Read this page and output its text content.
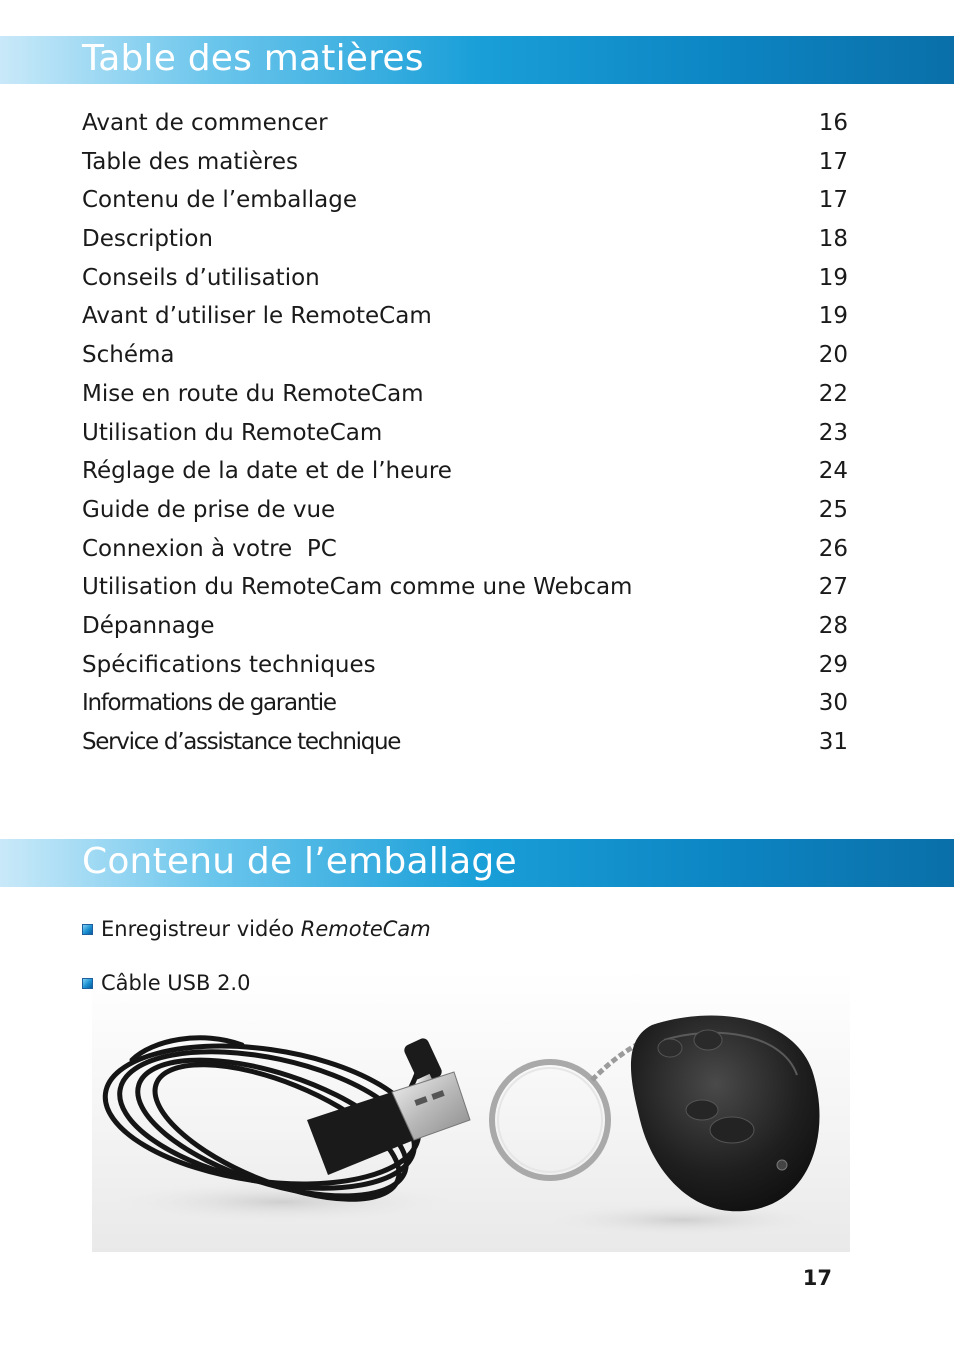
Table des matières
Avant de commencer	16
Table des matières	17
Contenu de l’emballage	17
Description	18
Conseils d’utilisation	19
Avant d’utiliser le RemoteCam	19
Schéma	20
Mise en route du RemoteCam	22
Utilisation du RemoteCam	23
Réglage de la date et de l’heure	24
Guide de prise de vue	25
Connexion à votre  PC	26
Utilisation du RemoteCam comme une Webcam	27
Dépannage	28
Spécifications techniques	29
Informations de garantie	30
Service d’assistance technique	31
Contenu de l’emballage
Enregistreur vidéo RemoteCam
Câble USB 2.0
17
